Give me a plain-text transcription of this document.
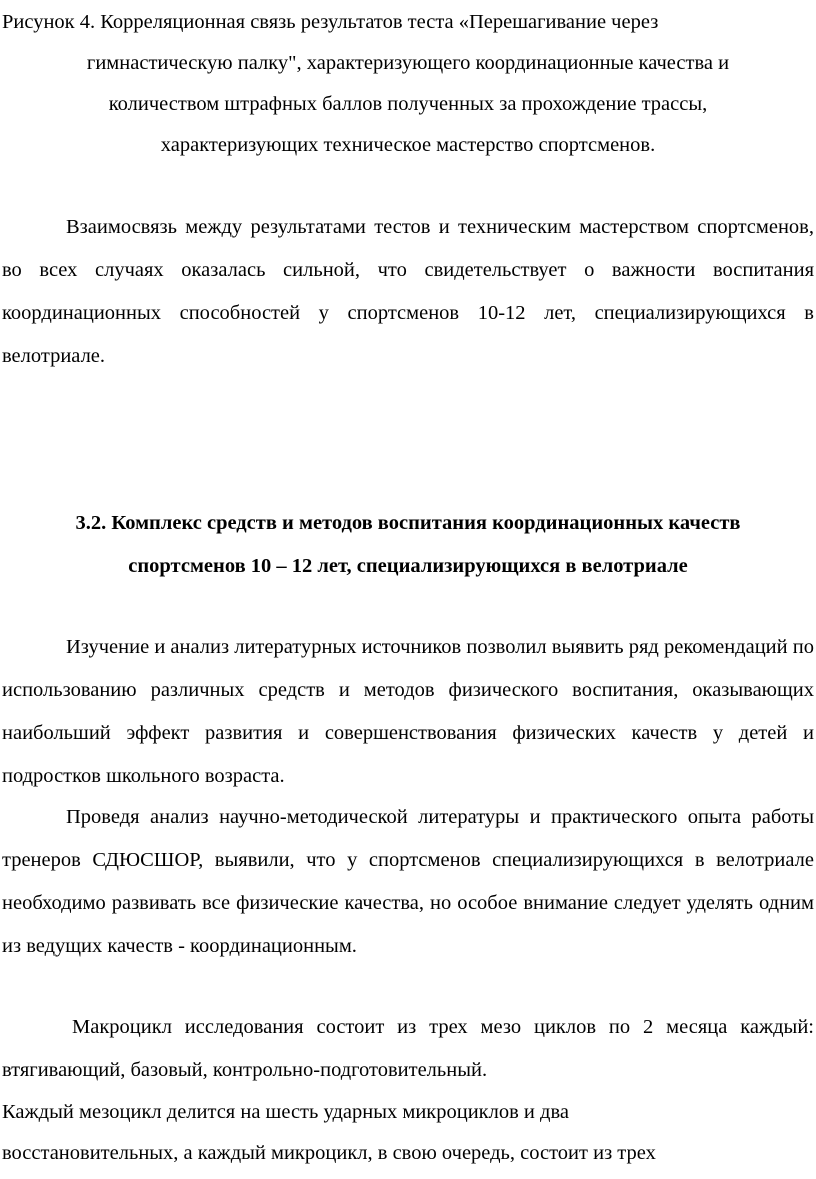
Рисунок 4. Корреляционная связь результатов теста «Перешагивание через
гимнастическую палку", характеризующего координационные качества и
количеством штрафных баллов полученных за прохождение трассы,
характеризующих техническое мастерство спортсменов.
Взаимосвязь между результатами тестов и техническим мастерством спортсменов, во всех случаях оказалась сильной, что свидетельствует о важности воспитания координационных способностей у спортсменов 10-12 лет, специализирующихся в велотриале.
3.2. Комплекс средств и методов воспитания координационных качеств
спортсменов 10 – 12 лет, специализирующихся в велотриале
Изучение и анализ литературных источников позволил выявить ряд рекомендаций по использованию различных средств и методов физического воспитания, оказывающих наибольший эффект развития и совершенствования физических качеств у детей и подростков школьного возраста.
Проведя анализ научно-методической литературы и практического опыта работы тренеров СДЮСШОР, выявили, что у спортсменов специализирующихся в велотриале необходимо развивать все физические качества, но особое внимание следует уделять одним из ведущих качеств - координационным.
Макроцикл исследования состоит из трех мезо циклов по 2 месяца каждый: втягивающий, базовый, контрольно-подготовительный.
Каждый мезоцикл делится на шесть ударных микроциклов и два
восстановительных, а каждый микроцикл, в свою очередь, состоит из трех
